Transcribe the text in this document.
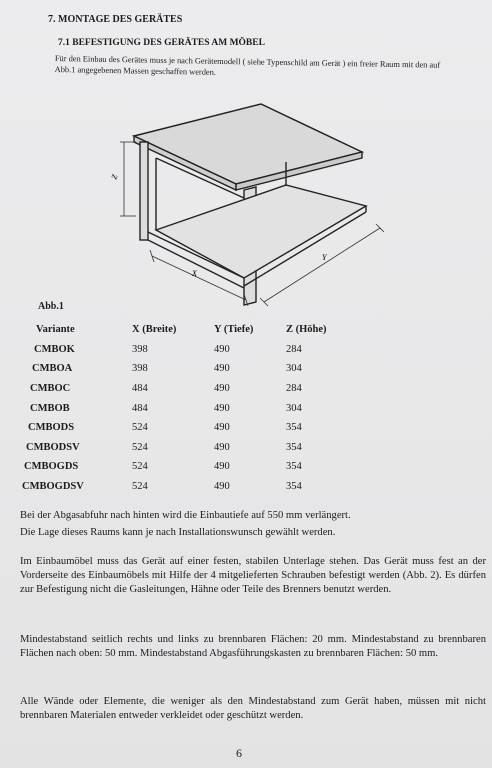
7. MONTAGE DES GERÄTES
7.1 BEFESTIGUNG DES GERÄTES AM MÖBEL
Für den Einbau des Gerätes muss je nach Gerätemodell ( siehe Typenschild am Gerät ) ein freier Raum mit den auf Abb.1 angegebenen Massen geschaffen werden.
Z
X
Y
Abb.1
Variante	X (Breite)	Y (Tiefe)	Z (Höhe)
CMBOK	398	490	284
CMBOA	398	490	304
CMBOC	484	490	284
CMBOB	484	490	304
CMBODS	524	490	354
CMBODSV	524	490	354
CMBOGDS	524	490	354
CMBOGDSV	524	490	354
Bei der Abgasabfuhr nach hinten wird die Einbautiefe auf 550 mm verlängert.
Die Lage dieses Raums kann je nach Installationswunsch gewählt werden.
Im Einbaumöbel muss das Gerät auf einer festen, stabilen Unterlage stehen. Das Gerät muss fest an der Vorderseite des Einbaumöbels mit Hilfe der 4 mitgelieferten Schrauben befestigt werden (Abb. 2). Es dürfen zur Befestigung nicht die Gasleitungen, Hähne oder Teile des Brenners benutzt werden.
Mindestabstand seitlich rechts und links zu brennbaren Flächen: 20 mm. Mindestabstand zu brennbaren Flächen nach oben: 50 mm. Mindestabstand Abgasführungskasten zu brennbaren Flächen: 50 mm.
Alle Wände oder Elemente, die weniger als den Mindestabstand zum Gerät haben, müssen mit nicht brennbaren Materialen entweder verkleidet oder geschützt werden.
6
